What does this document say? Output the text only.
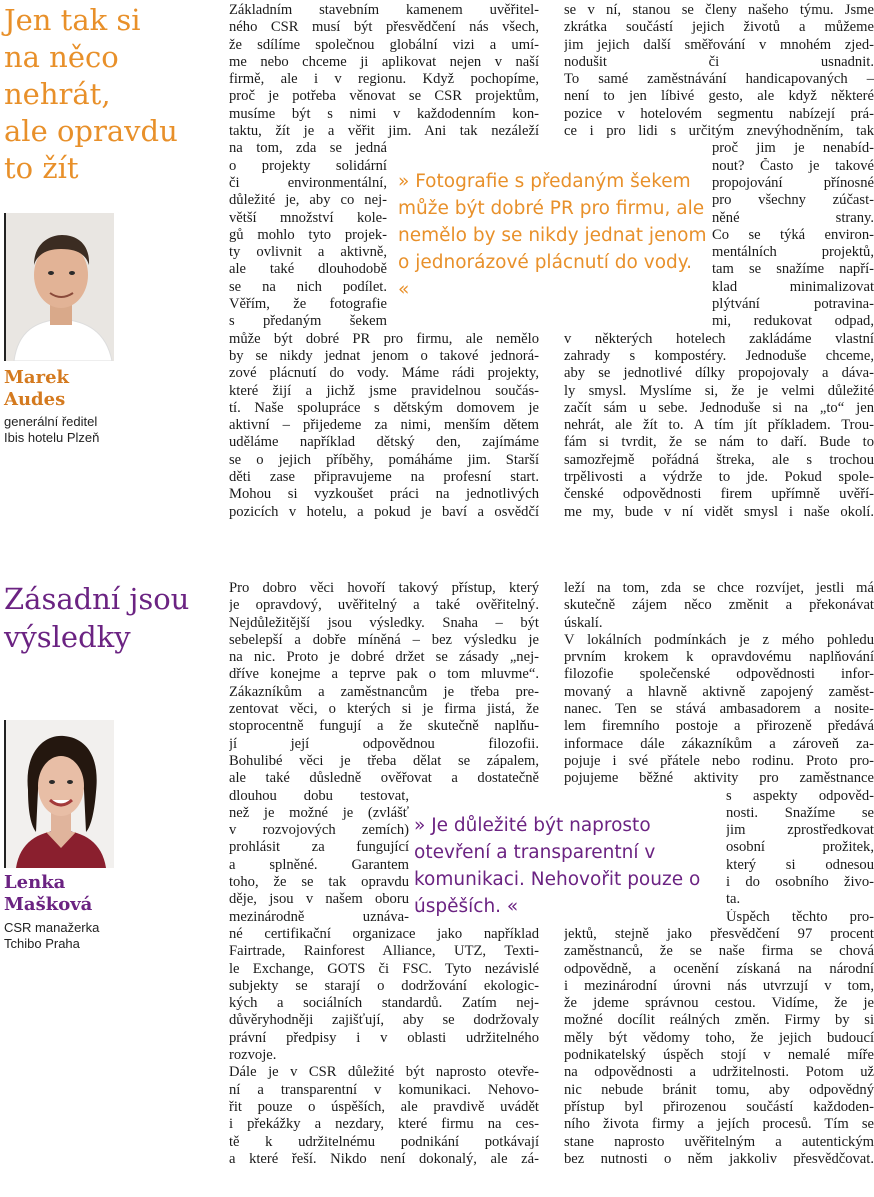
Jen tak si
na něco
nehrát,
ale opravdu
to žít
Marek
Audes
generální ředitel
Ibis hotelu Plzeň
Základním stavebním kamenem uvěřitel-
ného CSR musí být přesvědčení nás všech,
že sdílíme společnou globální vizi a umí-
me nebo chceme ji aplikovat nejen v naší
firmě, ale i v regionu. Když pochopíme,
proč je potřeba věnovat se CSR projektům,
musíme být s nimi v každodenním kon-
taktu, žít je a věřit jim. Ani tak nezáleží
na tom, zda se jedná
o projekty solidární
či environmentální,
důležité je, aby co nej-
větší množství kole-
gů mohlo tyto projek-
ty ovlivnit a aktivně,
ale také dlouhodobě
se na nich podílet.
Věřím, že fotografie
s předaným šekem
může být dobré PR pro firmu, ale nemělo
by se nikdy jednat jenom o takové jednorá-
zové plácnutí do vody. Máme rádi projekty,
které žijí a jichž jsme pravidelnou součás-
tí. Naše spolupráce s dětským domovem je
aktivní – přijedeme za nimi, menším dětem
uděláme například dětský den, zajímáme
se o jejich příběhy, pomáháme jim. Starší
děti zase připravujeme na profesní start.
Mohou si vyzkoušet práci na jednotlivých
pozicích v hotelu, a pokud je baví a osvědčí
se v ní, stanou se členy našeho týmu. Jsme
zkrátka součástí jejich životů a můžeme
jim jejich další směřování v mnohém zjed-
nodušit či usnadnit.
To samé zaměstnávání handicapovaných –
není to jen líbivé gesto, ale když některé
pozice v hotelovém segmentu nabízejí prá-
ce i pro lidi s určitým znevýhodněním, tak
proč jim je nenabíd-
nout? Často je takové
propojování přínosné
pro všechny zúčast-
něné strany.
Co se týká environ-
mentálních projektů,
tam se snažíme napří-
klad minimalizovat
plýtvání potravina-
mi, redukovat odpad,
v některých hotelech zakládáme vlastní
zahrady s kompostéry. Jednoduše chceme,
aby se jednotlivé dílky propojovaly a dáva-
ly smysl. Myslíme si, že je velmi důležité
začít sám u sebe. Jednoduše si na „to“ jen
nehrát, ale žít to. A tím jít příkladem. Trou-
fám si tvrdit, že se nám to daří. Bude to
samozřejmě pořádná štreka, ale s trochou
trpělivosti a výdrže to jde. Pokud spole-
čenské odpovědnosti firem upřímně uvěří-
me my, bude v ní vidět smysl i naše okolí.
» Fotografie s předaným šekem může být dobré PR pro firmu, ale nemělo by se nikdy jednat jenom o jednorázové plácnutí do vody. «
Zásadní jsou
výsledky
Lenka
Mašková
CSR manažerka
Tchibo Praha
Pro dobro věci hovoří takový přístup, který
je opravdový, uvěřitelný a také ověřitelný.
Nejdůležitější jsou výsledky. Snaha – být
sebelepší a dobře míněná – bez výsledku je
na nic. Proto je dobré držet se zásady „nej-
dříve konejme a teprve pak o tom mluvme“.
Zákazníkům a zaměstnancům je třeba pre-
zentovat věci, o kterých si je firma jistá, že
stoprocentně fungují a že skutečně naplňu-
jí její odpovědnou filozofii.
Bohulibé věci je třeba dělat se zápalem,
ale také důsledně ověřovat a dostatečně
dlouhou dobu testovat,
než je možné je (zvlášť
v rozvojových zemích)
prohlásit za fungující
a splněné. Garantem
toho, že se tak opravdu
děje, jsou v našem oboru
mezinárodně uznáva-
né certifikační organizace jako například
Fairtrade, Rainforest Alliance, UTZ, Texti-
le Exchange, GOTS či FSC. Tyto nezávislé
subjekty se starají o dodržování ekologic-
kých a sociálních standardů. Zatím nej-
důvěryhodněji zajišťují, aby se dodržovaly
právní předpisy i v oblasti udržitelného
rozvoje.
Dále je v CSR důležité být naprosto otevře-
ní a transparentní v komunikaci. Nehovo-
řit pouze o úspěších, ale pravdivě uvádět
i překážky a nezdary, které firmu na ces-
tě k udržitelnému podnikání potkávají
a které řeší. Nikdo není dokonalý, ale zá-
leží na tom, zda se chce rozvíjet, jestli má
skutečně zájem něco změnit a překonávat
úskalí.
V lokálních podmínkách je z mého pohledu
prvním krokem k opravdovému naplňování
filozofie společenské odpovědnosti infor-
movaný a hlavně aktivně zapojený zaměst-
nanec. Ten se stává ambasadorem a nosite-
lem firemního postoje a přirozeně předává
informace dále zákazníkům a zároveň za-
pojuje i své přátele nebo rodinu. Proto pro-
pojujeme běžné aktivity pro zaměstnance
s aspekty odpověd-
nosti. Snažíme se
jim zprostředkovat
osobní prožitek,
který si odnesou
i do osobního živo-
ta.
Úspěch těchto pro-
jektů, stejně jako přesvědčení 97 procent
zaměstnanců, že se naše firma se chová
odpovědně, a ocenění získaná na národní
i mezinárodní úrovni nás utvrzují v tom,
že jdeme správnou cestou. Vidíme, že je
možné docílit reálných změn. Firmy by si
měly být vědomy toho, že jejich budoucí
podnikatelský úspěch stojí v nemalé míře
na odpovědnosti a udržitelnosti. Potom už
nic nebude bránit tomu, aby odpovědný
přístup byl přirozenou součástí každoden-
ního života firmy a jejích procesů. Tím se
stane naprosto uvěřitelným a autentickým
bez nutnosti o něm jakkoliv přesvědčovat.
» Je důležité být naprosto otevření a transparentní v komunikaci. Nehovořit pouze o úspěších. «
